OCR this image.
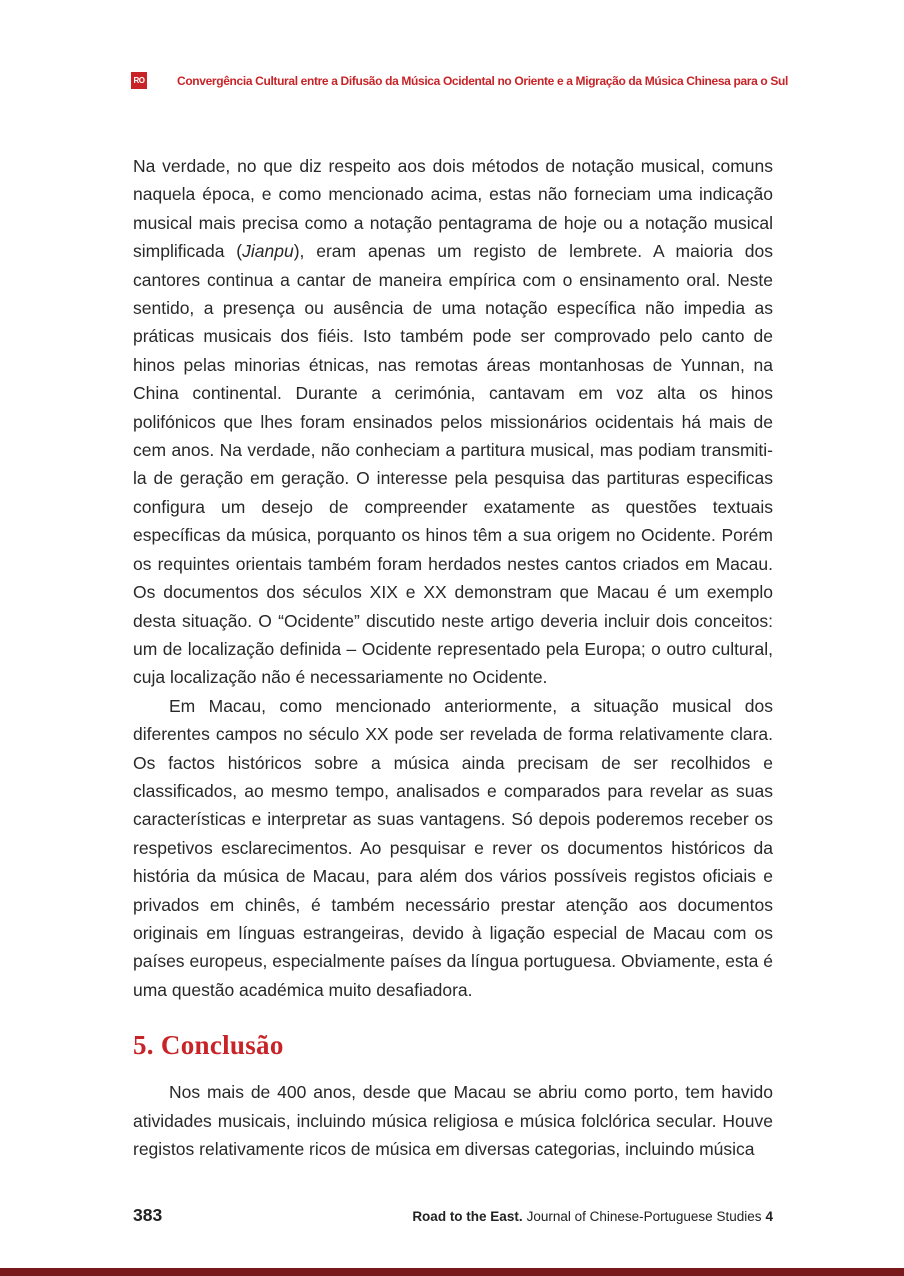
RO	Convergência Cultural entre a Difusão da Música Ocidental no Oriente e a Migração da Música Chinesa para o Sul

Na verdade, no que diz respeito aos dois métodos de notação musical, comuns naquela época, e como mencionado acima, estas não forneciam uma indicação musical mais precisa como a notação pentagrama de hoje ou a notação musical simplificada (Jianpu), eram apenas um registo de lembrete. A maioria dos cantores continua a cantar de maneira empírica com o ensinamento oral. Neste sentido, a presença ou ausência de uma notação específica não impedia as práticas musicais dos fiéis. Isto também pode ser comprovado pelo canto de hinos pelas minorias étnicas, nas remotas áreas montanhosas de Yunnan, na China continental. Durante a cerimónia, cantavam em voz alta os hinos polifónicos que lhes foram ensinados pelos missionários ocidentais há mais de cem anos. Na verdade, não conheciam a partitura musical, mas podiam transmiti-la de geração em geração. O interesse pela pesquisa das partituras especificas configura um desejo de compreender exatamente as questões textuais específicas da música, porquanto os hinos têm a sua origem no Ocidente. Porém os requintes orientais também foram herdados nestes cantos criados em Macau. Os documentos dos séculos XIX e XX demonstram que Macau é um exemplo desta situação. O “Ocidente” discutido neste artigo deveria incluir dois conceitos: um de localização definida – Ocidente representado pela Europa; o outro cultural, cuja localização não é necessariamente no Ocidente.

Em Macau, como mencionado anteriormente, a situação musical dos diferentes campos no século XX pode ser revelada de forma relativamente clara. Os factos históricos sobre a música ainda precisam de ser recolhidos e classificados, ao mesmo tempo, analisados e comparados para revelar as suas características e interpretar as suas vantagens. Só depois poderemos receber os respetivos esclarecimentos. Ao pesquisar e rever os documentos históricos da história da música de Macau, para além dos vários possíveis registos oficiais e privados em chinês, é também necessário prestar atenção aos documentos originais em línguas estrangeiras, devido à ligação especial de Macau com os países europeus, especialmente países da língua portuguesa. Obviamente, esta é uma questão académica muito desafiadora.

5. Conclusão

Nos mais de 400 anos, desde que Macau se abriu como porto, tem havido atividades musicais, incluindo música religiosa e música folclórica secular. Houve registos relativamente ricos de música em diversas categorias, incluindo música

383	Road to the East. Journal of Chinese-Portuguese Studies 4
